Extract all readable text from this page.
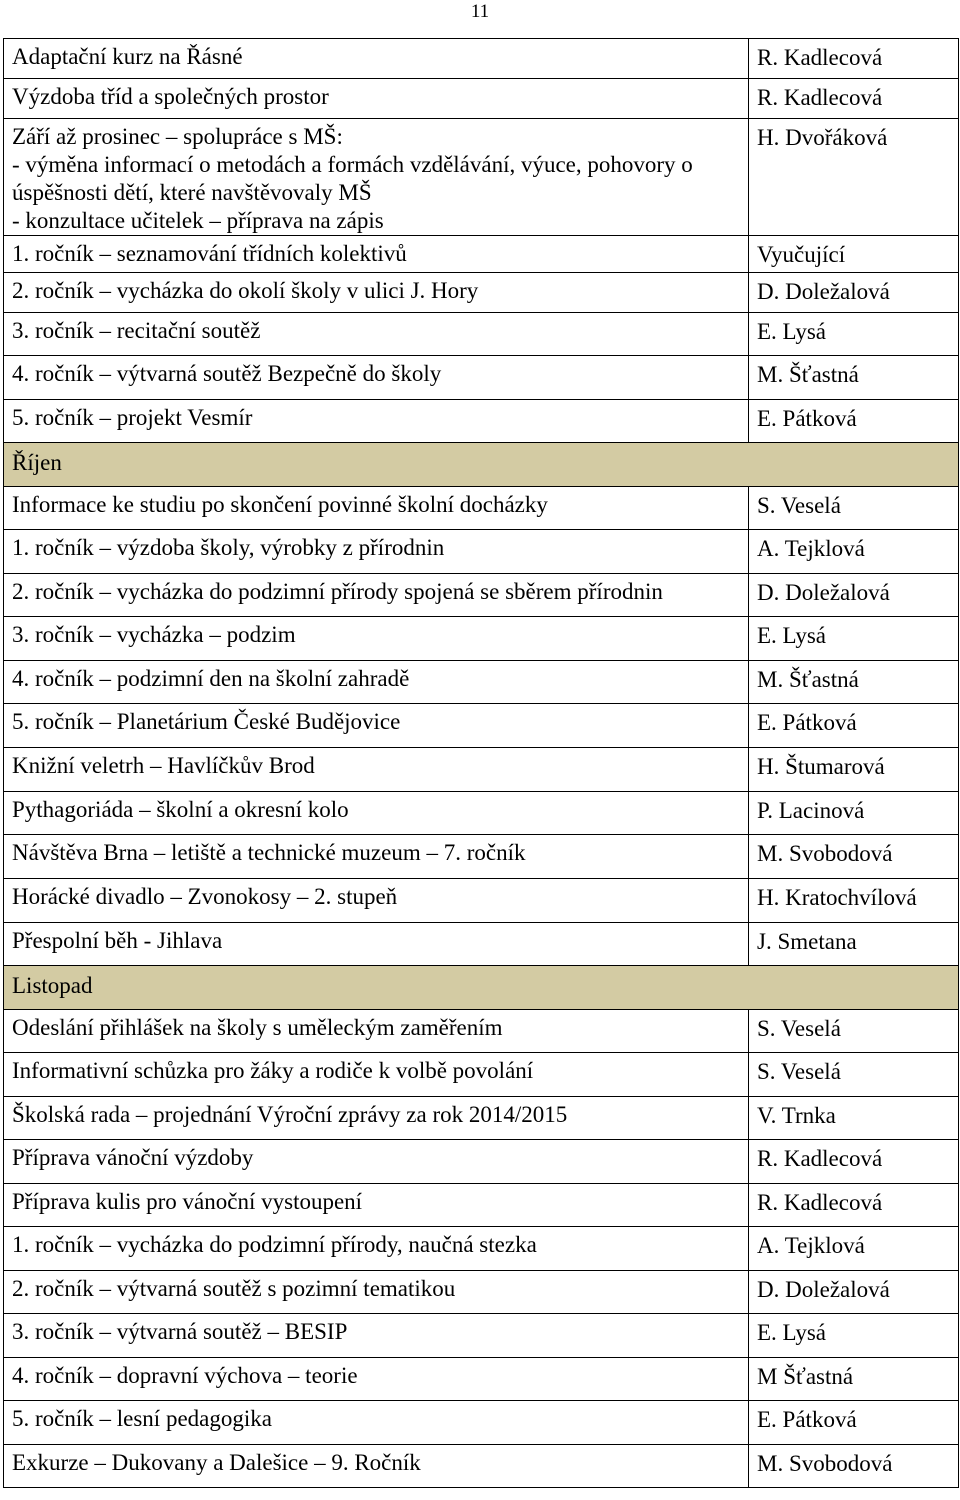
11
Adaptační kurz na Řásné	R. Kadlecová
Výzdoba tříd a společných prostor	R. Kadlecová

Září až prosinec – spolupráce s MŠ:
- výměna informací o metodách a formách vzdělávání, výuce, pohovory o úspěšnosti dětí, které navštěvovaly MŠ
- konzultace učitelek – příprava na zápis	H. Dvořáková
1. ročník – seznamování třídních kolektivů	Vyučující
2. ročník – vycházka do okolí školy v ulici J. Hory	D. Doležalová
3. ročník – recitační soutěž	E. Lysá
4. ročník – výtvarná soutěž Bezpečně do školy	M. Šťastná
5. ročník – projekt Vesmír	E. Pátková
Říjen	
Informace ke studiu po skončení povinné školní docházky	S. Veselá
1. ročník – výzdoba školy, výrobky z přírodnin	A. Tejklová
2. ročník – vycházka do podzimní přírody spojená se sběrem přírodnin	D. Doležalová
3. ročník – vycházka – podzim	E. Lysá
4. ročník – podzimní den na školní zahradě	M. Šťastná
5. ročník – Planetárium České Budějovice	E. Pátková
Knižní veletrh – Havlíčkův Brod	H. Štumarová
Pythagoriáda – školní a okresní kolo	P. Lacinová
Návštěva Brna – letiště a technické muzeum – 7. ročník	M. Svobodová
Horácké divadlo – Zvonokosy – 2. stupeň	H. Kratochvílová
Přespolní běh - Jihlava	J. Smetana
Listopad	
Odeslání přihlášek na školy s uměleckým zaměřením	S. Veselá
Informativní schůzka pro žáky a rodiče k volbě povolání	S. Veselá
Školská rada – projednání Výroční zprávy za rok 2014/2015	V. Trnka
Příprava vánoční výzdoby	R. Kadlecová
Příprava kulis pro vánoční vystoupení	R. Kadlecová
1. ročník – vycházka do podzimní přírody, naučná stezka	A. Tejklová
2. ročník – výtvarná soutěž s pozimní tematikou	D. Doležalová
3. ročník – výtvarná soutěž – BESIP	E. Lysá
4. ročník – dopravní výchova – teorie	M Šťastná
5. ročník – lesní pedagogika	E. Pátková
Exkurze – Dukovany a Dalešice – 9. Ročník	M. Svobodová
